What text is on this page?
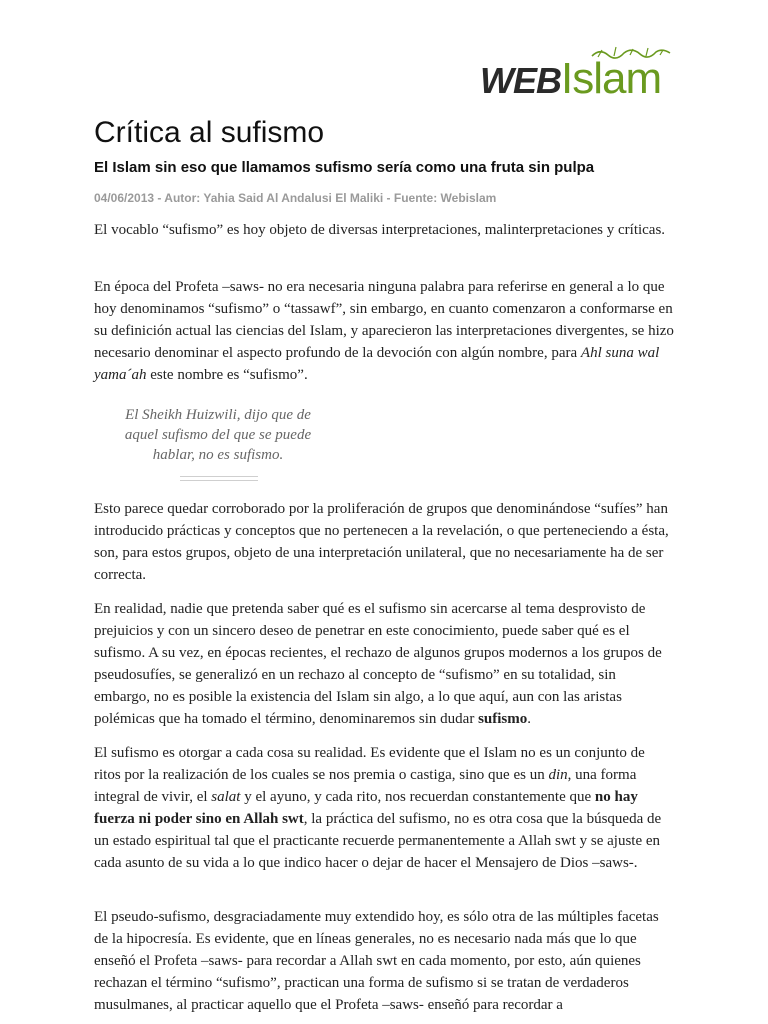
WEBIslam
Crítica al sufismo

El Islam sin eso que llamamos sufismo sería como una fruta sin pulpa

04/06/2013 - Autor: Yahia Said Al Andalusi El Maliki - Fuente: Webislam

El vocablo “sufismo” es hoy objeto de diversas interpretaciones, malinterpretaciones y críticas.

En época del Profeta –saws- no era necesaria ninguna palabra para referirse en general a lo que hoy denominamos “sufismo” o “tassawf”, sin embargo, en cuanto comenzaron a conformarse en su definición actual las ciencias del Islam, y aparecieron las interpretaciones divergentes, se hizo necesario denominar el aspecto profundo de la devoción con algún nombre, para Ahl suna wal yama´ah este nombre es “sufismo”.

El Sheikh Huizwili, dijo que de aquel sufismo del que se puede hablar, no es sufismo.

Esto parece quedar corroborado por la proliferación de grupos que denominándose “sufíes” han introducido prácticas y conceptos que no pertenecen a la revelación, o que perteneciendo a ésta, son, para estos grupos, objeto de una interpretación unilateral, que no necesariamente ha de ser correcta.

En realidad, nadie que pretenda saber qué es el sufismo sin acercarse al tema desprovisto de prejuicios y con un sincero deseo de penetrar en este conocimiento, puede saber qué es el sufismo. A su vez, en épocas recientes, el rechazo de algunos grupos modernos a los grupos de pseudosufíes, se generalizó en un rechazo al concepto de “sufismo” en su totalidad, sin embargo, no es posible la existencia del Islam sin algo, a lo que aquí, aun con las aristas polémicas que ha tomado el término, denominaremos sin dudar sufismo.

El sufismo es otorgar a cada cosa su realidad. Es evidente que el Islam no es un conjunto de ritos por la realización de los cuales se nos premia o castiga, sino que es un din, una forma integral de vivir, el salat y el ayuno, y cada rito, nos recuerdan constantemente que no hay fuerza ni poder sino en Allah swt, la práctica del sufismo, no es otra cosa que la búsqueda de un estado espiritual tal que el practicante recuerde permanentemente a Allah swt y se ajuste en cada asunto de su vida a lo que indico hacer o dejar de hacer el Mensajero de Dios –saws-.

El pseudo-sufismo, desgraciadamente muy extendido hoy, es sólo otra de las múltiples facetas de la hipocresía. Es evidente, que en líneas generales, no es necesario nada más que lo que enseñó el Profeta –saws- para recordar a Allah swt en cada momento, por esto, aún quienes rechazan el término “sufismo”, practican una forma de sufismo si se tratan de verdaderos musulmanes, al practicar aquello que el Profeta –saws- enseñó para recordar a
